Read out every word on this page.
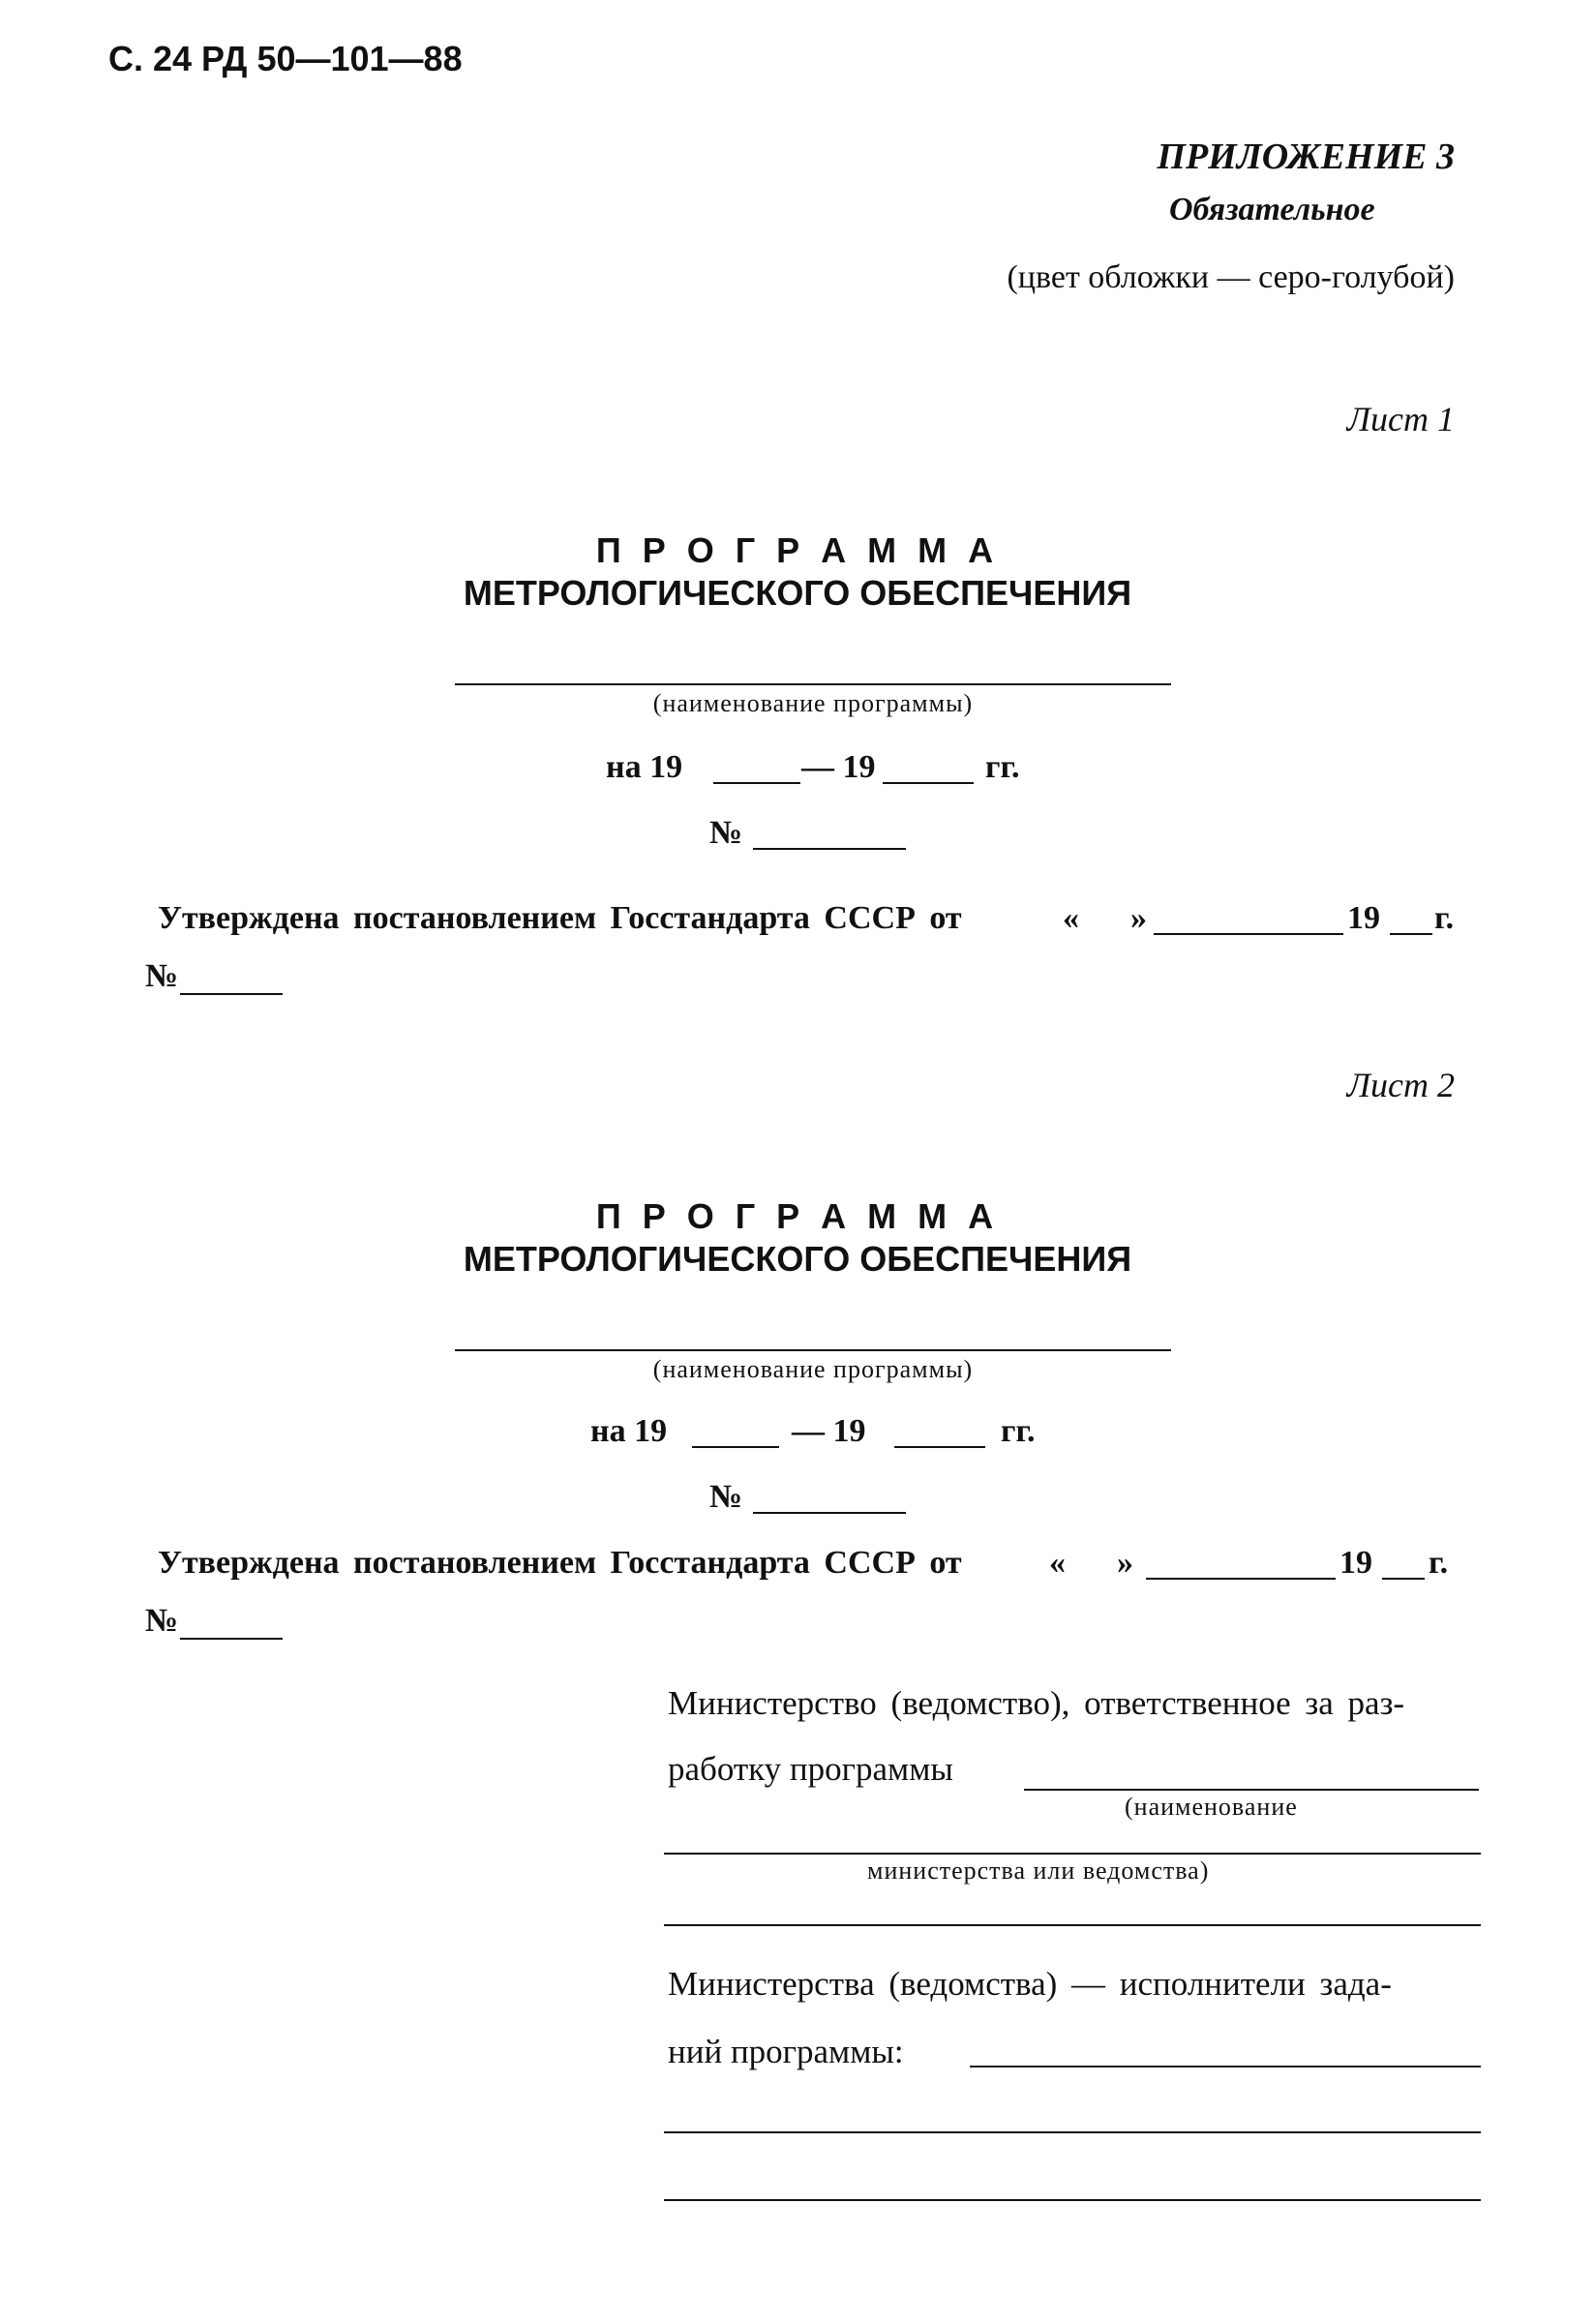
С. 24 РД 50—101—88
ПРИЛОЖЕНИЕ 3
Обязательное
(цвет обложки — серо-голубой)
Лист 1
П Р О Г Р А М М А
МЕТРОЛОГИЧЕСКОГО ОБЕСПЕЧЕНИЯ
(наименование программы)
на 19	— 19	гг.
№
Утверждена постановлением Госстандарта СССР от	« »	19 г.
№
Лист 2
П Р О Г Р А М М А
МЕТРОЛОГИЧЕСКОГО ОБЕСПЕЧЕНИЯ
(наименование программы)
на 19	— 19	гг.
№
Утверждена постановлением Госстандарта СССР от	« »	19 г.
№
Министерство (ведомство), ответственное за раз-
работку программы
(наименование
министерства или ведомства)
Министерства (ведомства) — исполнители зада-
ний программы:
